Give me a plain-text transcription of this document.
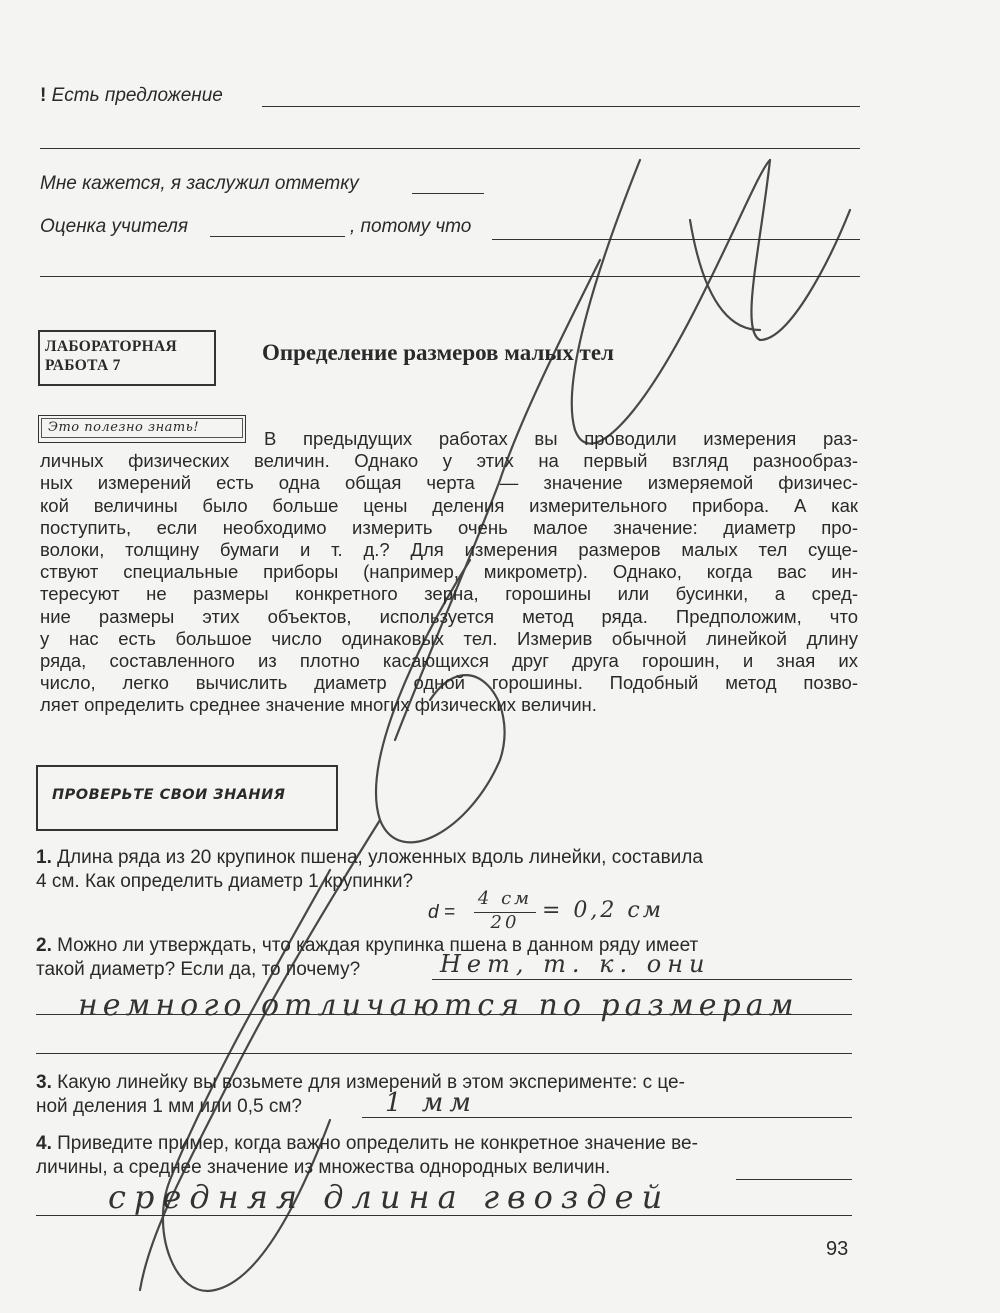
! Есть предложение
Мне кажется, я заслужил отметку
Оценка учителя	, потому что
ЛАБОРАТОРНАЯ
РАБОТА 7
Определение размеров малых тел
Это полезно знать!
В предыдущих работах вы проводили измерения раз-
личных физических величин. Однако у этих на первый взгляд разнообраз-
ных измерений есть одна общая черта — значение измеряемой физичес-
кой величины было больше цены деления измерительного прибора. А как
поступить, если необходимо измерить очень малое значение: диаметр про-
волоки, толщину бумаги и т. д.? Для измерения размеров малых тел суще-
ствуют специальные приборы (например, микрометр). Однако, когда вас ин-
тересуют не размеры конкретного зерна, горошины или бусинки, а сред-
ние размеры этих объектов, используется метод ряда. Предположим, что
у нас есть большое число одинаковых тел. Измерив обычной линейкой длину
ряда, составленного из плотно касающихся друг друга горошин, и зная их
число, легко вычислить диаметр одной горошины. Подобный метод позво-
ляет определить среднее значение многих физических величин.
ПРОВЕРЬТЕ СВОИ ЗНАНИЯ
1. Длина ряда из 20 крупинок пшена, уложенных вдоль линейки, составила
4 см. Как определить диаметр 1 крупинки?
d =
4 см
20	= 0,2 см
2. Можно ли утверждать, что каждая крупинка пшена в данном ряду имеет
такой диаметр? Если да, то почему?	Нет, т. к. они
немного отличаются по размерам
3. Какую линейку вы возьмете для измерений в этом эксперименте: с це-
ной деления 1 мм или 0,5 см?	1 мм
4. Приведите пример, когда важно определить не конкретное значение ве-
личины, а среднее значение из множества однородных величин.
средняя длина гвоздей
93
